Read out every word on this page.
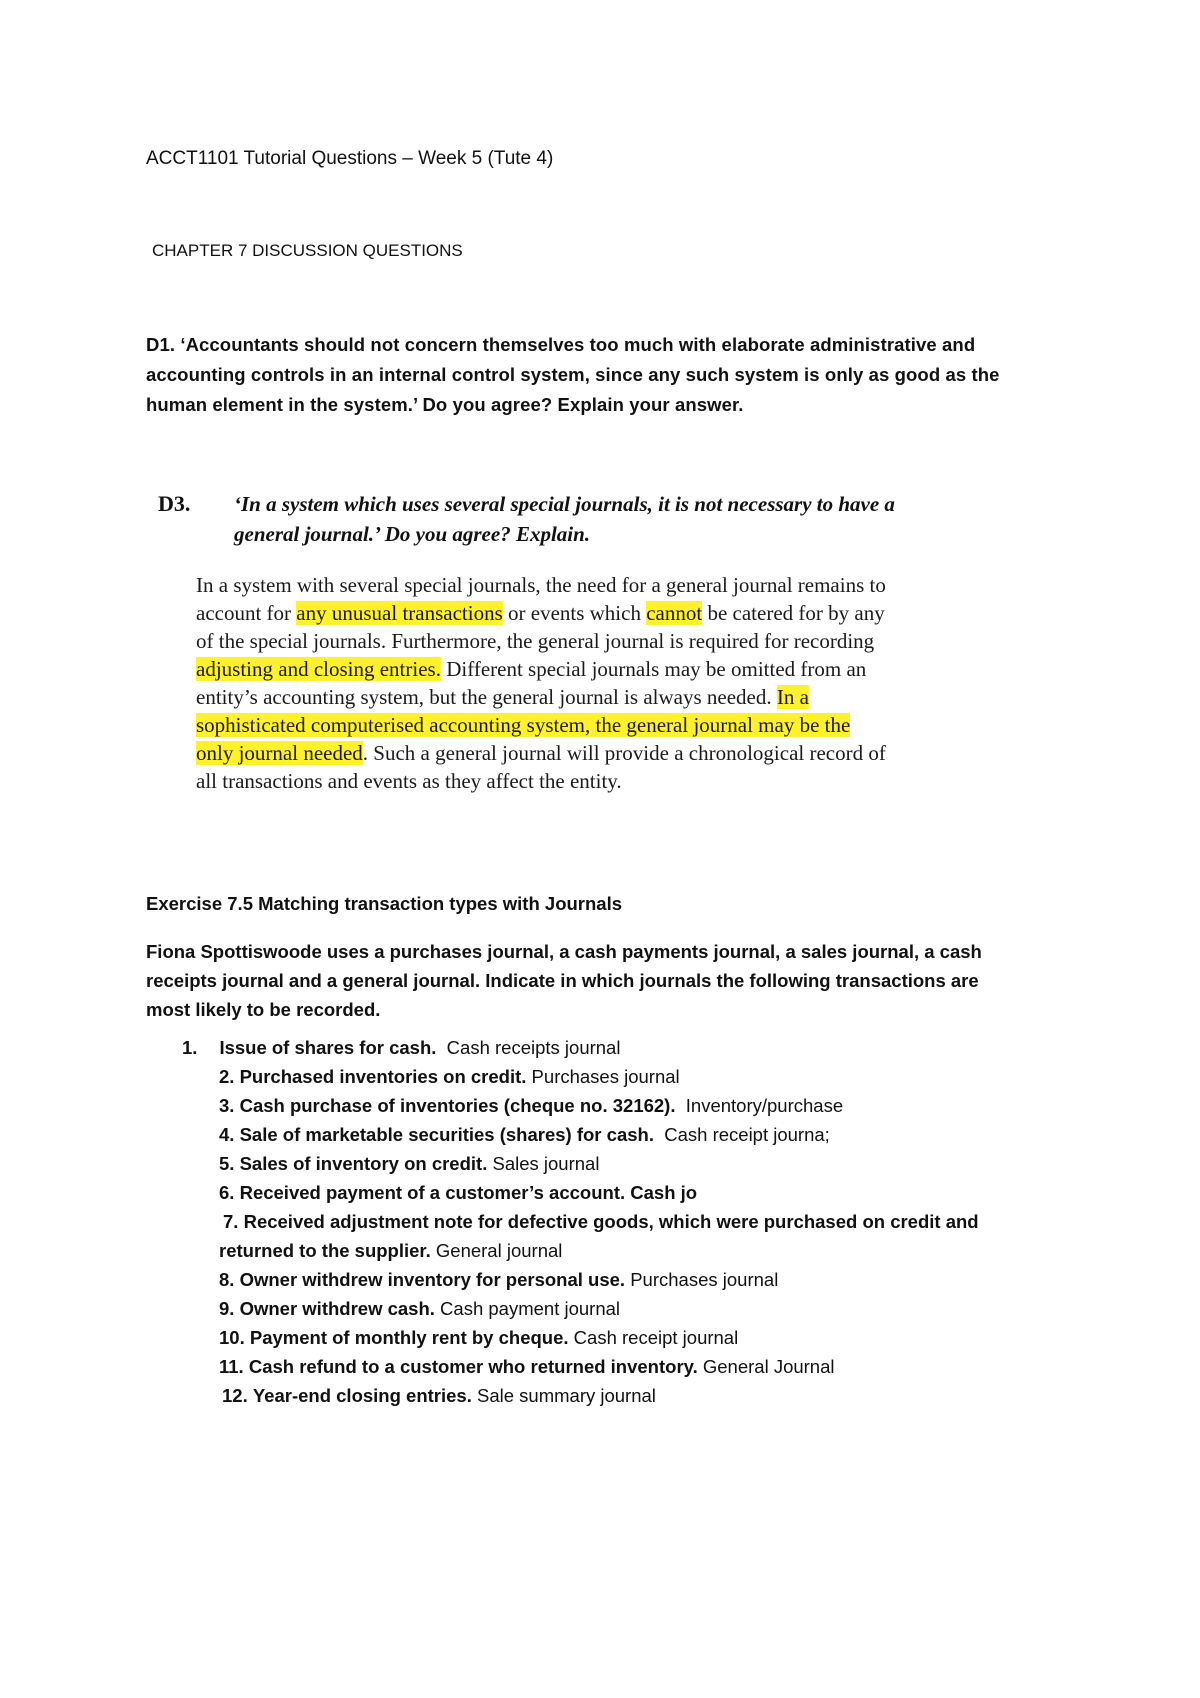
ACCT1101 Tutorial Questions – Week 5 (Tute 4)
CHAPTER 7 DISCUSSION QUESTIONS
D1. ‘Accountants should not concern themselves too much with elaborate administrative and
accounting controls in an internal control system, since any such system is only as good as the
human element in the system.’ Do you agree? Explain your answer.
D3. ‘In a system which uses several special journals, it is not necessary to have a
general journal.’ Do you agree? Explain.
In a system with several special journals, the need for a general journal remains to
account for any unusual transactions or events which cannot be catered for by any
of the special journals. Furthermore, the general journal is required for recording
adjusting and closing entries. Different special journals may be omitted from an
entity’s accounting system, but the general journal is always needed. In a
sophisticated computerised accounting system, the general journal may be the
only journal needed. Such a general journal will provide a chronological record of
all transactions and events as they affect the entity.
Exercise 7.5 Matching transaction types with Journals
Fiona Spottiswoode uses a purchases journal, a cash payments journal, a sales journal, a cash
receipts journal and a general journal. Indicate in which journals the following transactions are
most likely to be recorded.
1. Issue of shares for cash.  Cash receipts journal
2. Purchased inventories on credit. Purchases journal
3. Cash purchase of inventories (cheque no. 32162).  Inventory/purchase
4. Sale of marketable securities (shares) for cash.  Cash receipt journa;
5. Sales of inventory on credit. Sales journal
6. Received payment of a customer’s account. Cash jo
7. Received adjustment note for defective goods, which were purchased on credit and
returned to the supplier. General journal
8. Owner withdrew inventory for personal use. Purchases journal
9. Owner withdrew cash. Cash payment journal
10. Payment of monthly rent by cheque. Cash receipt journal
11. Cash refund to a customer who returned inventory. General Journal
12. Year-end closing entries. Sale summary journal
